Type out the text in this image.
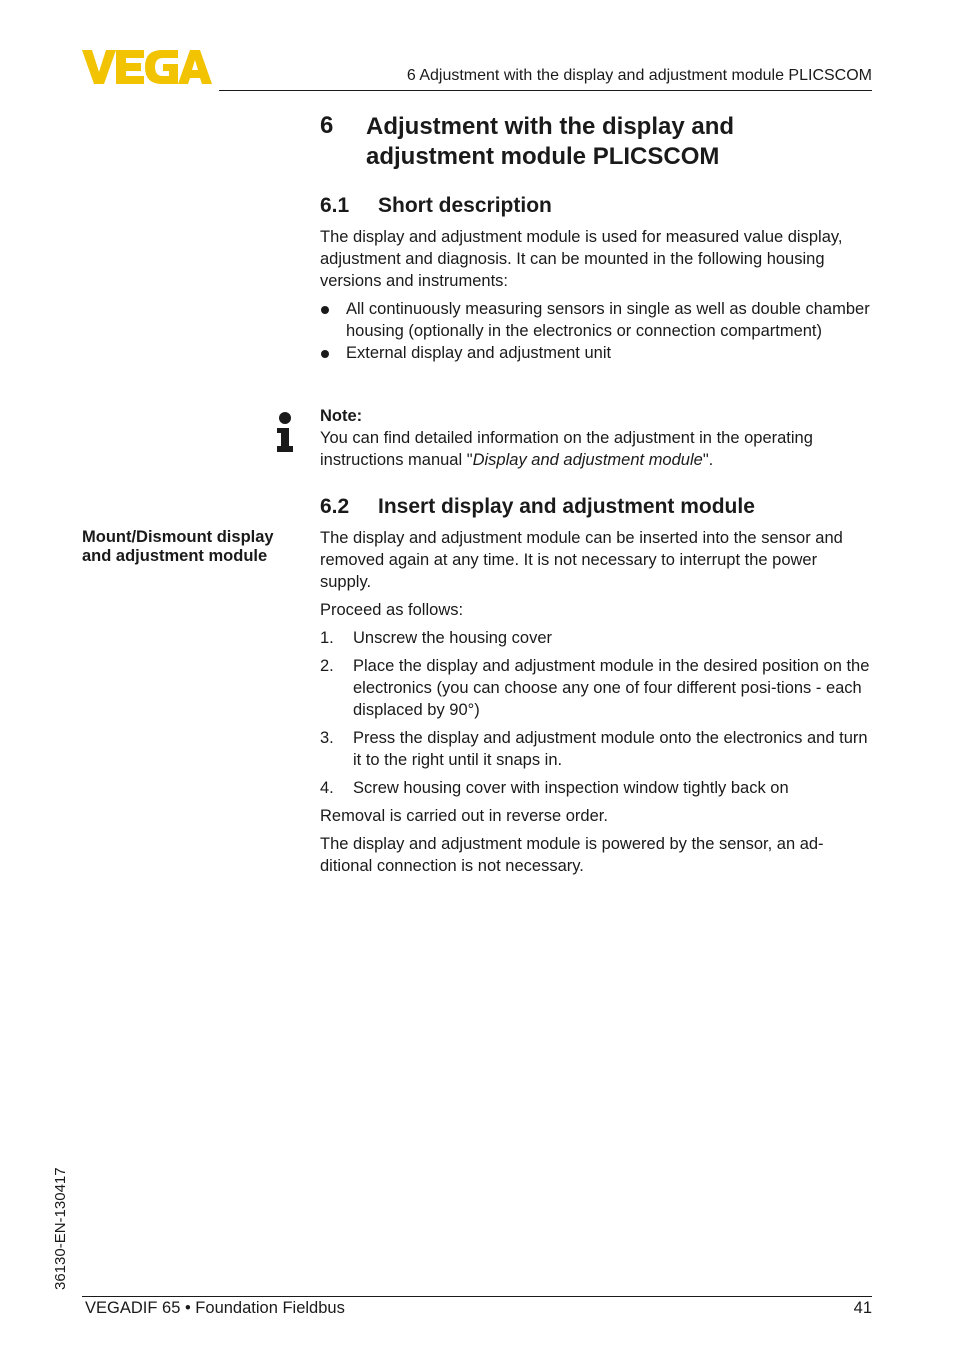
6 Adjustment with the display and adjustment module PLICSCOM
6 Adjustment with the display and
adjustment module PLICSCOM
6.1 Short description

The display and adjustment module is used for measured value display, adjustment and diagnosis. It can be mounted in the following housing versions and instruments:

All continuously measuring sensors in single as well as double chamber housing (optionally in the electronics or connection compartment)
External display and adjustment unit
Note:
You can find detailed information on the adjustment in the operating instructions manual "Display and adjustment module".
6.2 Insert display and adjustment module
Mount/Dismount display and adjustment module

The display and adjustment module can be inserted into the sensor and removed again at any time. It is not necessary to interrupt the power supply.

Proceed as follows:

1. Unscrew the housing cover
2. Place the display and adjustment module in the desired position on the electronics (you can choose any one of four different posi-tions - each displaced by 90°)
3. Press the display and adjustment module onto the electronics and turn it to the right until it snaps in.
4. Screw housing cover with inspection window tightly back on

Removal is carried out in reverse order.

The display and adjustment module is powered by the sensor, an ad-ditional connection is not necessary.

36130-EN-130417
VEGADIF 65 • Foundation Fieldbus	41
